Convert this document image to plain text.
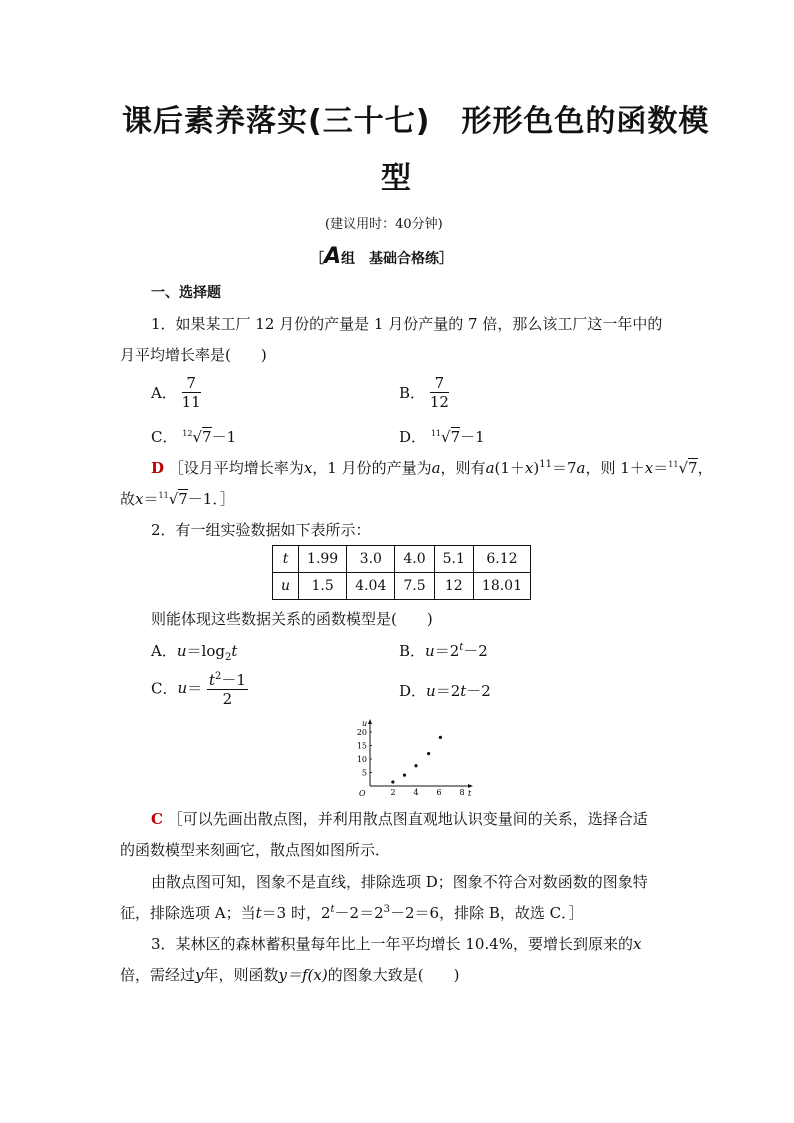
课后素养落实(三十七)　形形色色的函数模
型
(建议用时：40分钟)
［A组　基础合格练］
一、选择题
1．如果某工厂 12 月份的产量是 1 月份产量的 7 倍，那么该工厂这一年中的
月平均增长率是(　　)
A． $\frac{7}{11}$	B． $\frac{7}{12}$
C． $^{12}$√7－1	D． $^{11}$√7－1
D ［设月平均增长率为x，1 月份的产量为a，则有$a(1+x)^{11}=7a$，则 1＋x＝$^{11}$√7，
故x＝$^{11}$√7－1．］
2．有一组实验数据如下表所示：
t	1.99	3.0	4.0	5.1	6.12
u	1.5	4.04	7.5	12	18.01
则能体现这些数据关系的函数模型是(　　)
A．$u=\log_2t$	B．$u=2^t-2$
C．$u= \frac{t^2-1}{2}$	D．u＝2t－2
u
t
O
20
15
10
5
2 4 6 8
C ［可以先画出散点图，并利用散点图直观地认识变量间的关系，选择合适
的函数模型来刻画它，散点图如图所示．
由散点图可知，图象不是直线，排除选项 D；图象不符合对数函数的图象特
征，排除选项 A；当t＝3 时，$2^t-2=2^3-2=6$，排除 B，故选 C．］
3．某林区的森林蓄积量每年比上一年平均增长 10.4%，要增长到原来的x
倍，需经过y年，则函数y＝f(x)的图象大致是(　　)
